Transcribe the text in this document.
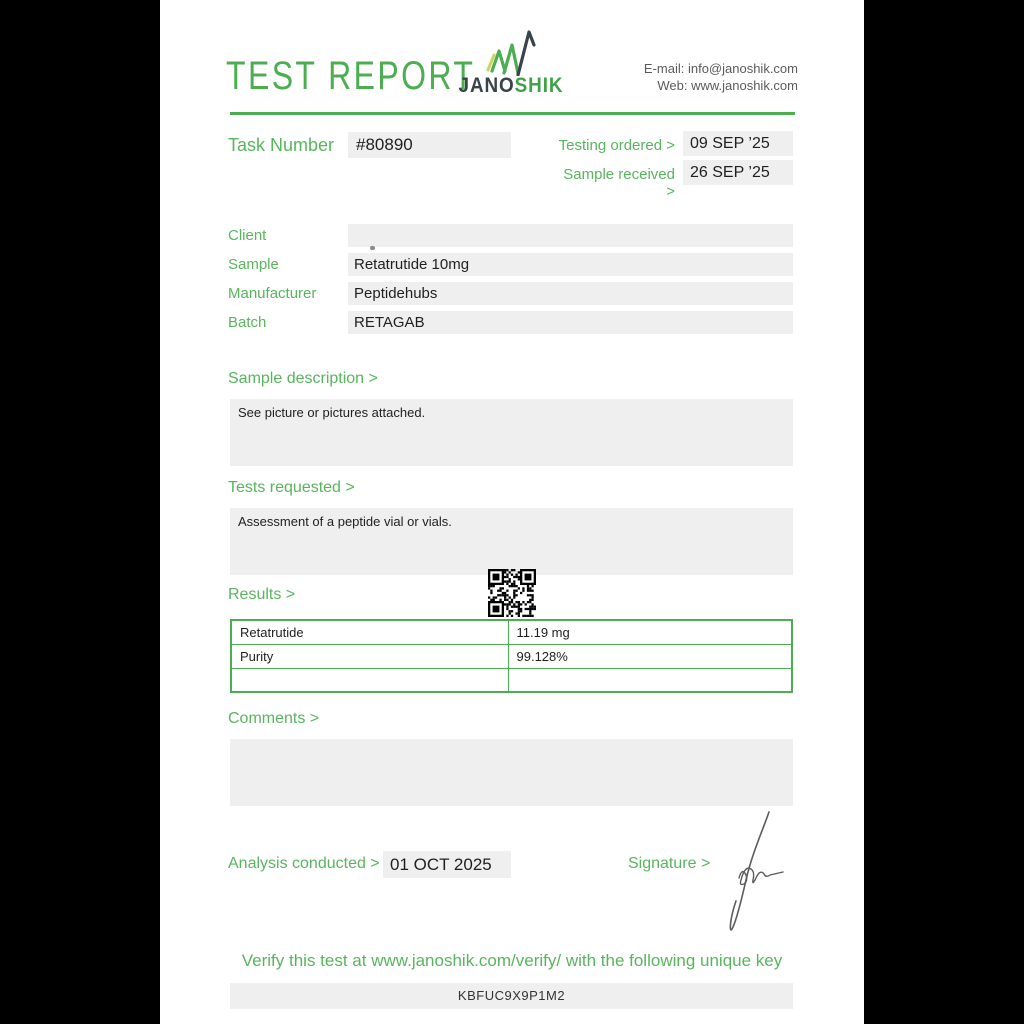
TEST REPORT
JANOSHIK
E-mail: info@janoshik.com
Web: www.janoshik.com
Task Number	#80890	Testing ordered > 09 SEP ’25
Sample received >
26 SEP ’25
Client
Sample	Retatrutide 10mg
Manufacturer	Peptidehubs
Batch	RETAGAB
Sample description >
See picture or pictures attached.
Tests requested >
Assessment of a peptide vial or vials.
Results >
Retatrutide	11.19 mg
Purity	99.128%

Comments >
Analysis conducted > 01 OCT 2025	Signature >
Verify this test at www.janoshik.com/verify/ with the following unique key
KBFUC9X9P1M2
